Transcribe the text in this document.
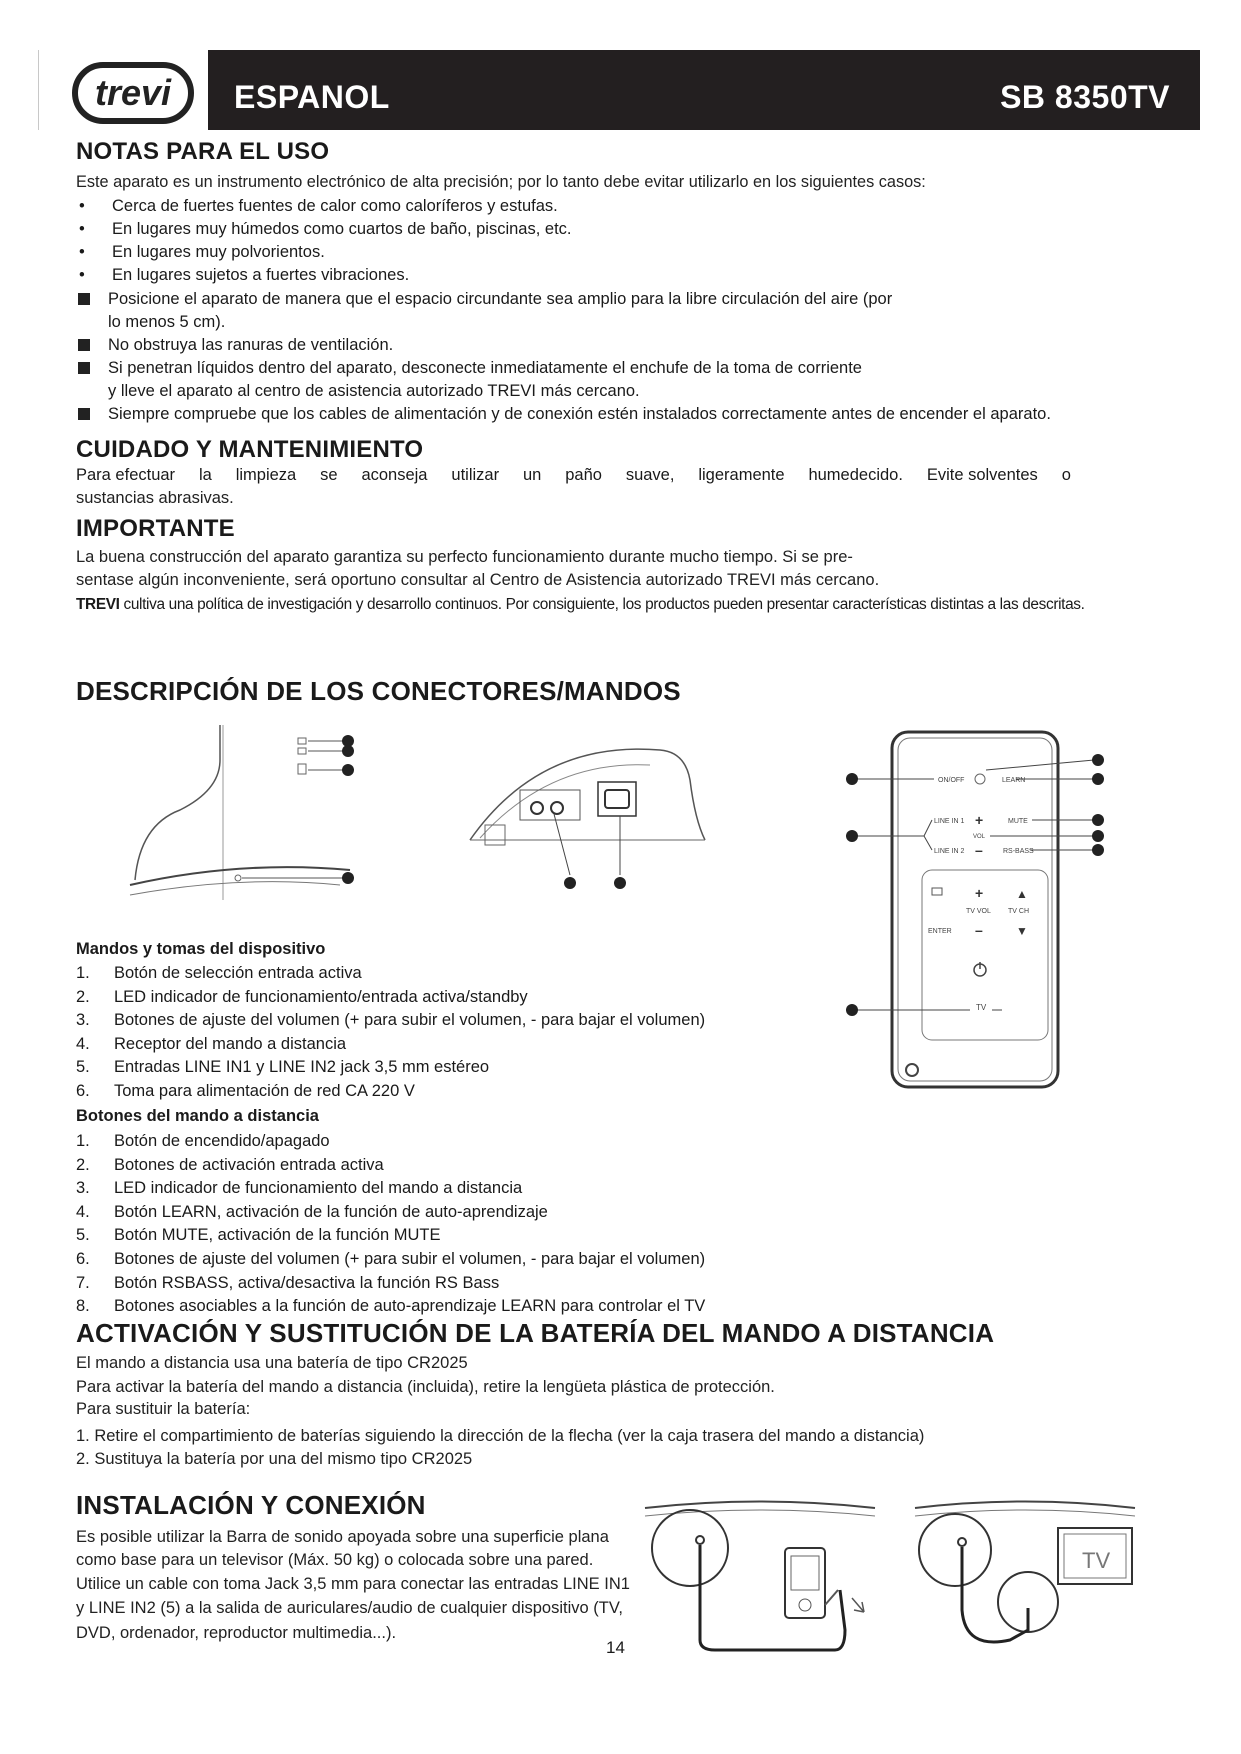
trevi ESPANOL	SB 8350TV
NOTAS PARA EL USO

Este aparato es un instrumento electrónico de alta precisión; por lo tanto debe evitar utilizarlo en los siguientes casos:

• Cerca de fuertes fuentes de calor como caloríferos y estufas.
• En lugares muy húmedos como cuartos de baño, piscinas, etc.
• En lugares muy polvorientos.
• En lugares sujetos a fuertes vibraciones.
Posicione el aparato de manera que el espacio circundante sea amplio para la libre circulación del aire (por lo menos 5 cm).
No obstruya las ranuras de ventilación.
Si penetran líquidos dentro del aparato, desconecte inmediatamente el enchufe de la toma de corriente y lleve el aparato al centro de asistencia autorizado TREVI más cercano.
Siempre compruebe que los cables de alimentación y de conexión estén instalados correctamente antes de encender el aparato.
CUIDADO Y MANTENIMIENTO
Para efectuar la limpieza se aconseja utilizar un paño suave, ligeramente humedecido. Evite solventes o

sustancias abrasivas.

IMPORTANTE

La buena construcción del aparato garantiza su perfecto funcionamiento durante mucho tiempo. Si se pre-

sentase algún inconveniente, será oportuno consultar al Centro de Asistencia autorizado TREVI más cercano.

TREVI cultiva una política de investigación y desarrollo continuos. Por consiguiente, los productos pueden presentar características distintas a las descritas.

DESCRIPCIÓN DE LOS CONECTORES/MANDOS
ON/OFF	LEARN
LINE IN 1 +
VOL
–
MUTE
LINE IN 2	RS-BASS
+	▲
TV VOL TV CH
ENTER –	▼
TV

Mandos y tomas del dispositivo

1. Botón de selección entrada activa
2. LED indicador de funcionamiento/entrada activa/standby
3. Botones de ajuste del volumen (+ para subir el volumen, - para bajar el volumen)
4. Receptor del mando a distancia
5. Entradas LINE IN1 y LINE IN2 jack 3,5 mm estéreo
6. Toma para alimentación de red CA 220 V

Botones del mando a distancia

1. Botón de encendido/apagado
2. Botones de activación entrada activa
3. LED indicador de funcionamiento del mando a distancia
4. Botón LEARN, activación de la función de auto-aprendizaje
5. Botón MUTE, activación de la función MUTE
6. Botones de ajuste del volumen (+ para subir el volumen, - para bajar el volumen)
7. Botón RSBASS, activa/desactiva la función RS Bass
8. Botones asociables a la función de auto-aprendizaje LEARN para controlar el TV
ACTIVACIÓN Y SUSTITUCIÓN DE LA BATERÍA DEL MANDO A DISTANCIA

El mando a distancia usa una batería de tipo CR2025

Para activar la batería del mando a distancia (incluida), retire la lengüeta plástica de protección.

Para sustituir la batería:

1. Retire el compartimiento de baterías siguiendo la dirección de la flecha (ver la caja trasera del mando a distancia)

2. Sustituya la batería por una del mismo tipo CR2025

INSTALACIÓN Y CONEXIÓN

Es posible utilizar la Barra de sonido apoyada sobre una superficie plana

como base para un televisor (Máx. 50 kg) o colocada sobre una pared.

Utilice un cable con toma Jack 3,5 mm para conectar las entradas LINE IN1

y LINE IN2 (5) a la salida de auriculares/audio de cualquier dispositivo (TV,

DVD, ordenador, reproductor multimedia...).

TV
14
